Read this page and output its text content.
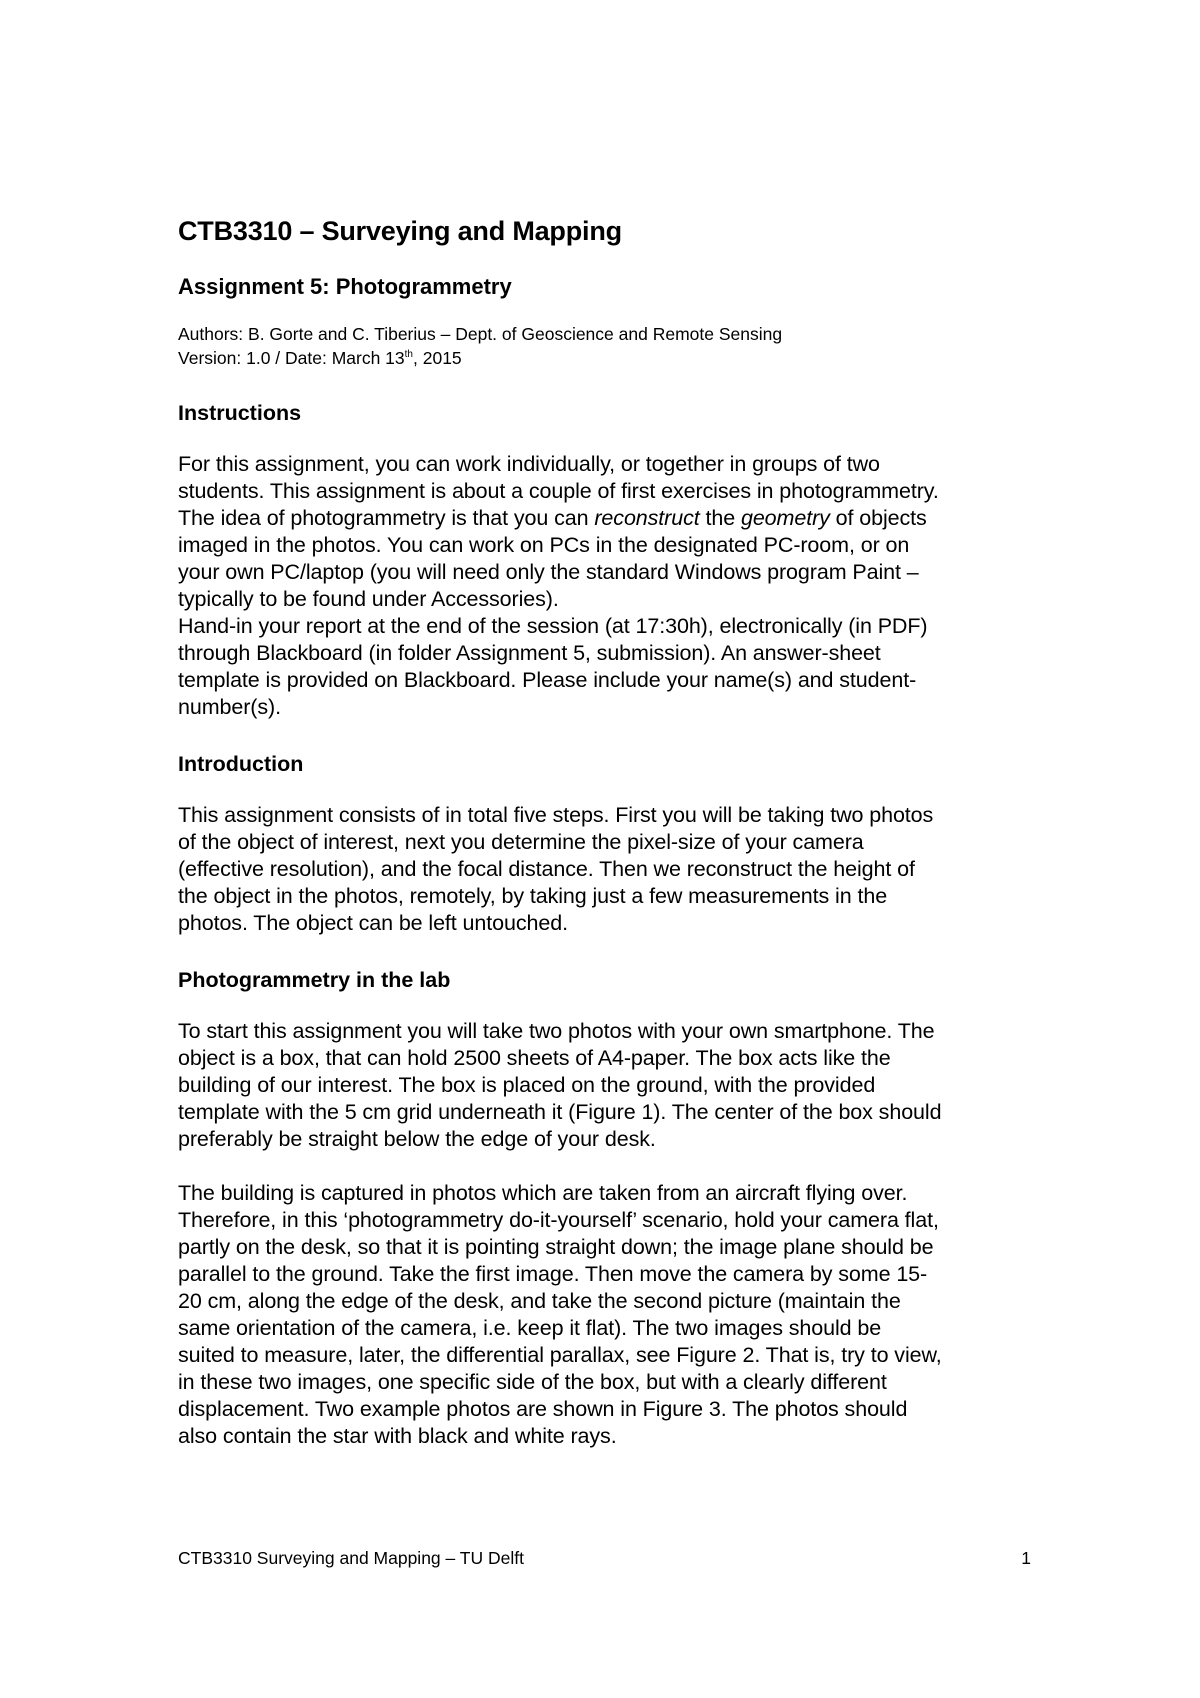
CTB3310 – Surveying and Mapping
Assignment 5: Photogrammetry
Authors: B. Gorte and C. Tiberius – Dept. of Geoscience and Remote Sensing
Version: 1.0 / Date: March 13th, 2015
Instructions

For this assignment, you can work individually, or together in groups of two
students. This assignment is about a couple of first exercises in photogrammetry.
The idea of photogrammetry is that you can reconstruct the geometry of objects
imaged in the photos. You can work on PCs in the designated PC-room, or on
your own PC/laptop (you will need only the standard Windows program Paint –
typically to be found under Accessories).

Hand-in your report at the end of the session (at 17:30h), electronically (in PDF)
through Blackboard (in folder Assignment 5, submission). An answer-sheet
template is provided on Blackboard. Please include your name(s) and student-
number(s).

Introduction

This assignment consists of in total five steps. First you will be taking two photos
of the object of interest, next you determine the pixel-size of your camera
(effective resolution), and the focal distance. Then we reconstruct the height of
the object in the photos, remotely, by taking just a few measurements in the
photos. The object can be left untouched.

Photogrammetry in the lab

To start this assignment you will take two photos with your own smartphone. The
object is a box, that can hold 2500 sheets of A4-paper. The box acts like the
building of our interest. The box is placed on the ground, with the provided
template with the 5 cm grid underneath it (Figure 1). The center of the box should
preferably be straight below the edge of your desk.

The building is captured in photos which are taken from an aircraft flying over.
Therefore, in this ‘photogrammetry do-it-yourself’ scenario, hold your camera flat,
partly on the desk, so that it is pointing straight down; the image plane should be
parallel to the ground. Take the first image. Then move the camera by some 15-
20 cm, along the edge of the desk, and take the second picture (maintain the
same orientation of the camera, i.e. keep it flat). The two images should be
suited to measure, later, the differential parallax, see Figure 2. That is, try to view,
in these two images, one specific side of the box, but with a clearly different
displacement. Two example photos are shown in Figure 3. The photos should
also contain the star with black and white rays.

CTB3310 Surveying and Mapping – TU Delft	1
